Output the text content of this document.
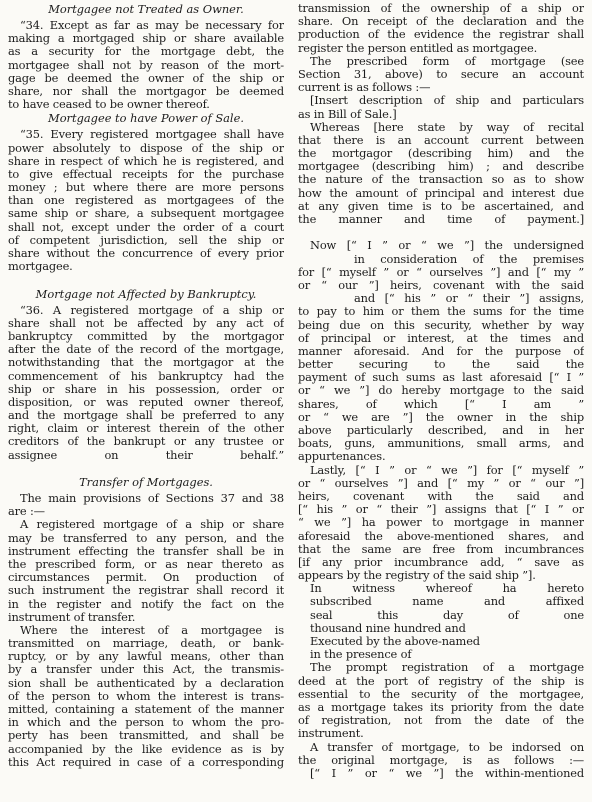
Mortgagee not Treated as Owner.
“34. Except as far as may be necessary for
making a mortgaged ship or share available
as a security for the mortgage debt, the
mortgagee shall not by reason of the mort-
gage be deemed the owner of the ship or
share, nor shall the mortgagor be deemed
to have ceased to be owner thereof.
Mortgagee to have Power of Sale.
“35. Every registered mortgagee shall have
power absolutely to dispose of the ship or
share in respect of which he is registered, and
to give effectual receipts for the purchase
money ; but where there are more persons
than one registered as mortgagees of the
same ship or share, a subsequent mortgagee
shall not, except under the order of a court
of competent jurisdiction, sell the ship or
share without the concurrence of every prior
mortgagee.
Mortgage not Affected by Bankruptcy.
“36. A registered mortgage of a ship or
share shall not be affected by any act of
bankruptcy committed by the mortgagor
after the date of the record of the mortgage,
notwithstanding that the mortgagor at the
commencement of his bankruptcy had the
ship or share in his possession, order or
disposition, or was reputed owner thereof,
and the mortgage shall be preferred to any
right, claim or interest therein of the other
creditors of the bankrupt or any trustee or
assignee on their behalf.”
Transfer of Mortgages.
The main provisions of Sections 37 and 38
are :—
A registered mortgage of a ship or share
may be transferred to any person, and the
instrument effecting the transfer shall be in
the prescribed form, or as near thereto as
circumstances permit. On production of
such instrument the registrar shall record it
in the register and notify the fact on the
instrument of transfer.
Where the interest of a mortgagee is
transmitted on marriage, death, or bank-
ruptcy, or by any lawful means, other than
by a transfer under this Act, the transmis-
sion shall be authenticated by a declaration
of the person to whom the interest is trans-
mitted, containing a statement of the manner
in which and the person to whom the pro-
perty has been transmitted, and shall be
accompanied by the like evidence as is by
this Act required in case of a corresponding
transmission of the ownership of a ship or
share. On receipt of the declaration and the
production of the evidence the registrar shall
register the person entitled as mortgagee.
The prescribed form of mortgage (see
Section 31, above) to secure an account
current is as follows :—
[Insert description of ship and particulars
as in Bill of Sale.]
Whereas [here state by way of recital
that there is an account current between
the mortgagor (describing him) and the
mortgagee (describing him) ; and describe
the nature of the transaction so as to show
how the amount of principal and interest due
at any given time is to be ascertained, and
the manner and time of payment.]
Now [“ I ” or “ we ”] the undersigned
in consideration of the premises
for [“ myself ” or “ ourselves ”] and [“ my ”
or “ our ”] heirs, covenant with the said
and [“ his ” or “ their ”] assigns,
to pay to him or them the sums for the time
being due on this security, whether by way
of principal or interest, at the times and
manner aforesaid. And for the purpose of
better securing to the said the
payment of such sums as last aforesaid [“ I ”
or “ we ”] do hereby mortgage to the said
shares, of which [“ I am ”
or “ we are ”] the owner in the ship
above particularly described, and in her
boats, guns, ammunitions, small arms, and
appurtenances.
Lastly, [“ I ” or “ we ”] for [“ myself ”
or “ ourselves ”] and [“ my ” or “ our ”]
heirs, covenant with the said and
[“ his ” or “ their ”] assigns that [“ I ” or
“ we ”] ha power to mortgage in manner
aforesaid the above-mentioned shares, and
that the same are free from incumbrances
[if any prior incumbrance add, “ save as
appears by the registry of the said ship ”].
In witness whereof ha hereto
subscribed name and affixed
seal this day of one
thousand nine hundred and
Executed by the above-named
in the presence of
The prompt registration of a mortgage
deed at the port of registry of the ship is
essential to the security of the mortgagee,
as a mortgage takes its priority from the date
of registration, not from the date of the
instrument.
A transfer of mortgage, to be indorsed on
the original mortgage, is as follows :—
[“ I ” or “ we ”] the within-mentioned
